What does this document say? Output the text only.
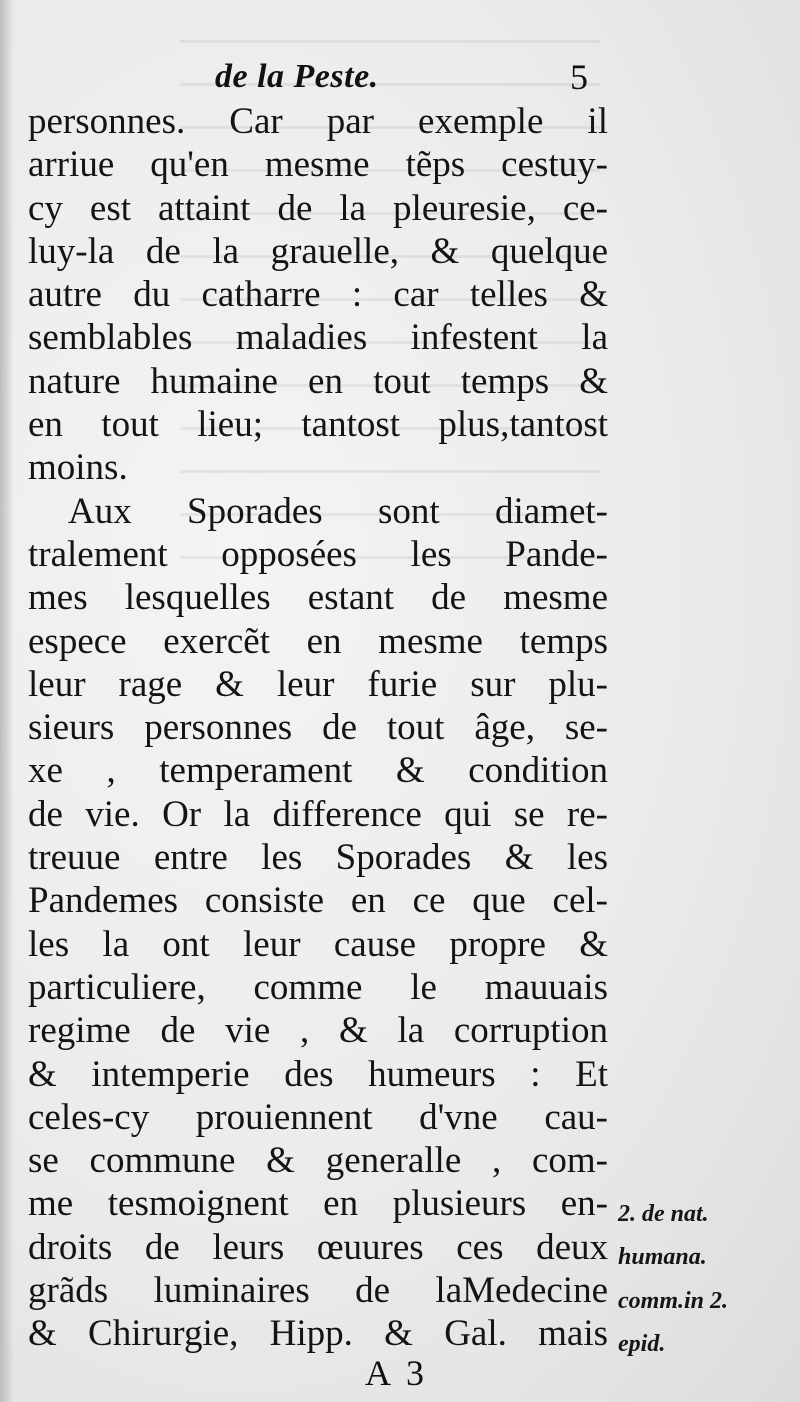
de la Peste.	5
personnes. Car par exemple il
arriue qu'en mesme tẽps cestuy-
cy est attaint de la pleuresie, ce-
luy-la de la grauelle, & quelque
autre du catharre : car telles &
semblables maladies infestent la
nature humaine en tout temps &
en tout lieu; tantost plus,tantost
moins.
Aux Sporades sont diamet-
tralement opposées les Pande-
mes lesquelles estant de mesme
espece exercẽt en mesme temps
leur rage & leur furie sur plu-
sieurs personnes de tout âge, se-
xe , temperament & condition
de vie. Or la difference qui se re-
treuue entre les Sporades & les
Pandemes consiste en ce que cel-
les la ont leur cause propre &
particuliere, comme le mauuais
regime de vie , & la corruption
& intemperie des humeurs : Et
celes-cy prouiennent d'vne cau-
se commune & generalle , com-
me tesmoignent en plusieurs en-
droits de leurs œuures ces deux
grãds luminaires de laMedecine
& Chirurgie, Hipp. & Gal. mais
2. de nat.
humana.
comm.in 2.
epid.
A 3
